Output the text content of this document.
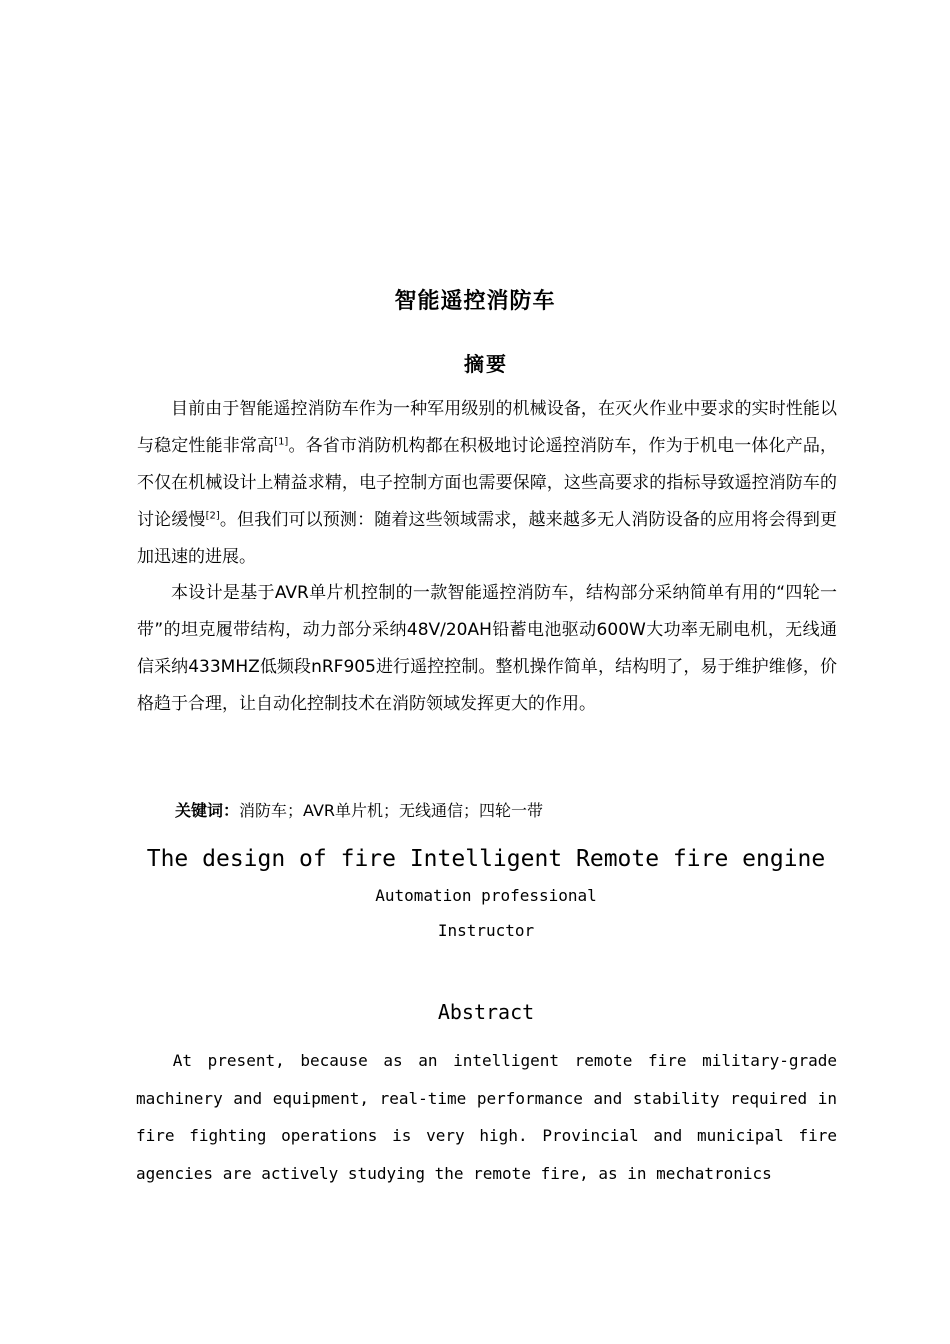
智能遥控消防车
摘要

目前由于智能遥控消防车作为一种军用级别的机械设备，在灭火作业中要求的实时性能以与稳定性能非常高[1]。各省市消防机构都在积极地讨论遥控消防车，作为于机电一体化产品，不仅在机械设计上精益求精，电子控制方面也需要保障，这些高要求的指标导致遥控消防车的讨论缓慢[2]。但我们可以预测：随着这些领域需求，越来越多无人消防设备的应用将会得到更加迅速的进展。

本设计是基于AVR单片机控制的一款智能遥控消防车，结构部分采纳简单有用的“四轮一带”的坦克履带结构，动力部分采纳48V/20AH铅蓄电池驱动600W大功率无刷电机，无线通信采纳433MHZ低频段nRF905进行遥控控制。整机操作简单，结构明了，易于维护维修，价格趋于合理，让自动化控制技术在消防领域发挥更大的作用。

关键词：消防车；AVR单片机；无线通信；四轮一带
The design of fire Intelligent Remote fire engine
Automation professional
Instructor
Abstract

At present, because as an intelligent remote fire military-grade machinery and equipment, real-time performance and stability required in fire fighting operations is very high. Provincial and municipal fire agencies are actively studying the remote fire, as in mechatronics
